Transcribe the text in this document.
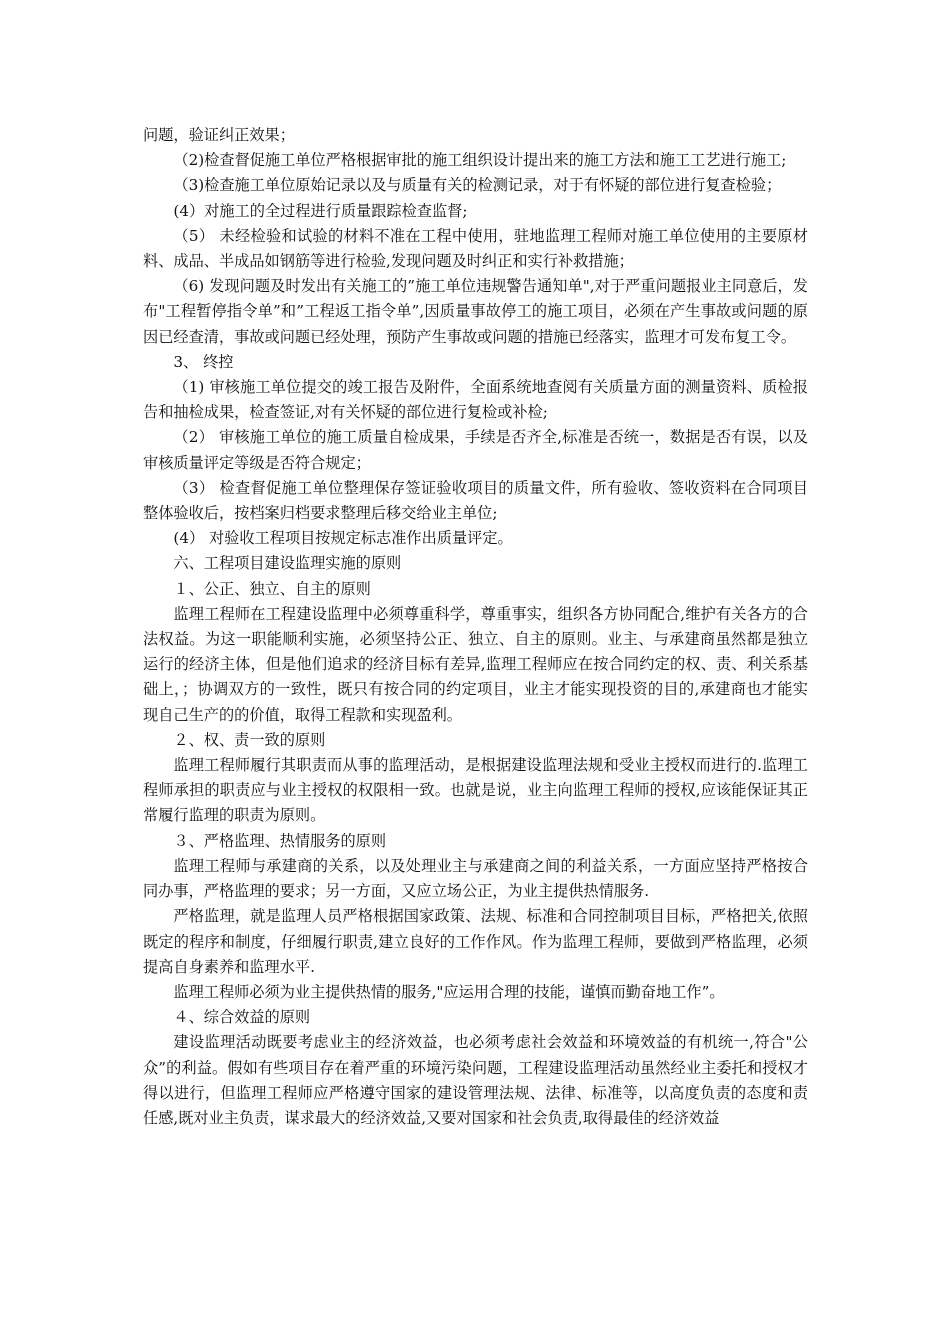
问题，验证纠正效果；

（2)检查督促施工单位严格根据审批的施工组织设计提出来的施工方法和施工工艺进行施工;

（3)检查施工单位原始记录以及与质量有关的检测记录，对于有怀疑的部位进行复查检验；

(4）对施工的全过程进行质量跟踪检查监督;

（5） 未经检验和试验的材料不准在工程中使用，驻地监理工程师对施工单位使用的主要原材料、成品、半成品如钢筋等进行检验,发现问题及时纠正和实行补救措施；

（6) 发现问题及时发出有关施工的”施工单位违规警告通知单",对于严重问题报业主同意后，发布"工程暂停指令单”和”工程返工指令单”,因质量事故停工的施工项目，必须在产生事故或问题的原因已经查清，事故或问题已经处理，预防产生事故或问题的措施已经落实，监理才可发布复工令。

3、 终控

（1) 审核施工单位提交的竣工报告及附件，全面系统地查阅有关质量方面的测量资料、质检报告和抽检成果，检查签证,对有关怀疑的部位进行复检或补检;

（2） 审核施工单位的施工质量自检成果，手续是否齐全,标准是否统一，数据是否有误，以及审核质量评定等级是否符合规定；

（3） 检查督促施工单位整理保存签证验收项目的质量文件，所有验收、签收资料在合同项目整体验收后，按档案归档要求整理后移交给业主单位;

(4） 对验收工程项目按规定标志准作出质量评定。

六、工程项目建设监理实施的原则

１、公正、独立、自主的原则

监理工程师在工程建设监理中必须尊重科学，尊重事实，组织各方协同配合,维护有关各方的合法权益。为这一职能顺利实施，必须坚持公正、独立、自主的原则。业主、与承建商虽然都是独立运行的经济主体，但是他们追求的经济目标有差异,监理工程师应在按合同约定的权、责、利关系基础上，；协调双方的一致性，既只有按合同的约定项目，业主才能实现投资的目的,承建商也才能实现自己生产的的价值，取得工程款和实现盈利。

２、权、责一致的原则

监理工程师履行其职责而从事的监理活动，是根据建设监理法规和受业主授权而进行的.监理工程师承担的职责应与业主授权的权限相一致。也就是说，业主向监理工程师的授权,应该能保证其正常履行监理的职责为原则。

３、严格监理、热情服务的原则

监理工程师与承建商的关系，以及处理业主与承建商之间的利益关系，一方面应坚持严格按合同办事，严格监理的要求；另一方面，又应立场公正，为业主提供热情服务.

严格监理，就是监理人员严格根据国家政策、法规、标准和合同控制项目目标，严格把关,依照既定的程序和制度，仔细履行职责,建立良好的工作作风。作为监理工程师，要做到严格监理，必须提高自身素养和监理水平.

监理工程师必须为业主提供热情的服务,"应运用合理的技能，谨慎而勤奋地工作”。

４、综合效益的原则

建设监理活动既要考虑业主的经济效益，也必须考虑社会效益和环境效益的有机统一,符合"公众”的利益。假如有些项目存在着严重的环境污染问题，工程建设监理活动虽然经业主委托和授权才得以进行，但监理工程师应严格遵守国家的建设管理法规、法律、标准等，以高度负责的态度和责任感,既对业主负责，谋求最大的经济效益,又要对国家和社会负责,取得最佳的经济效益
